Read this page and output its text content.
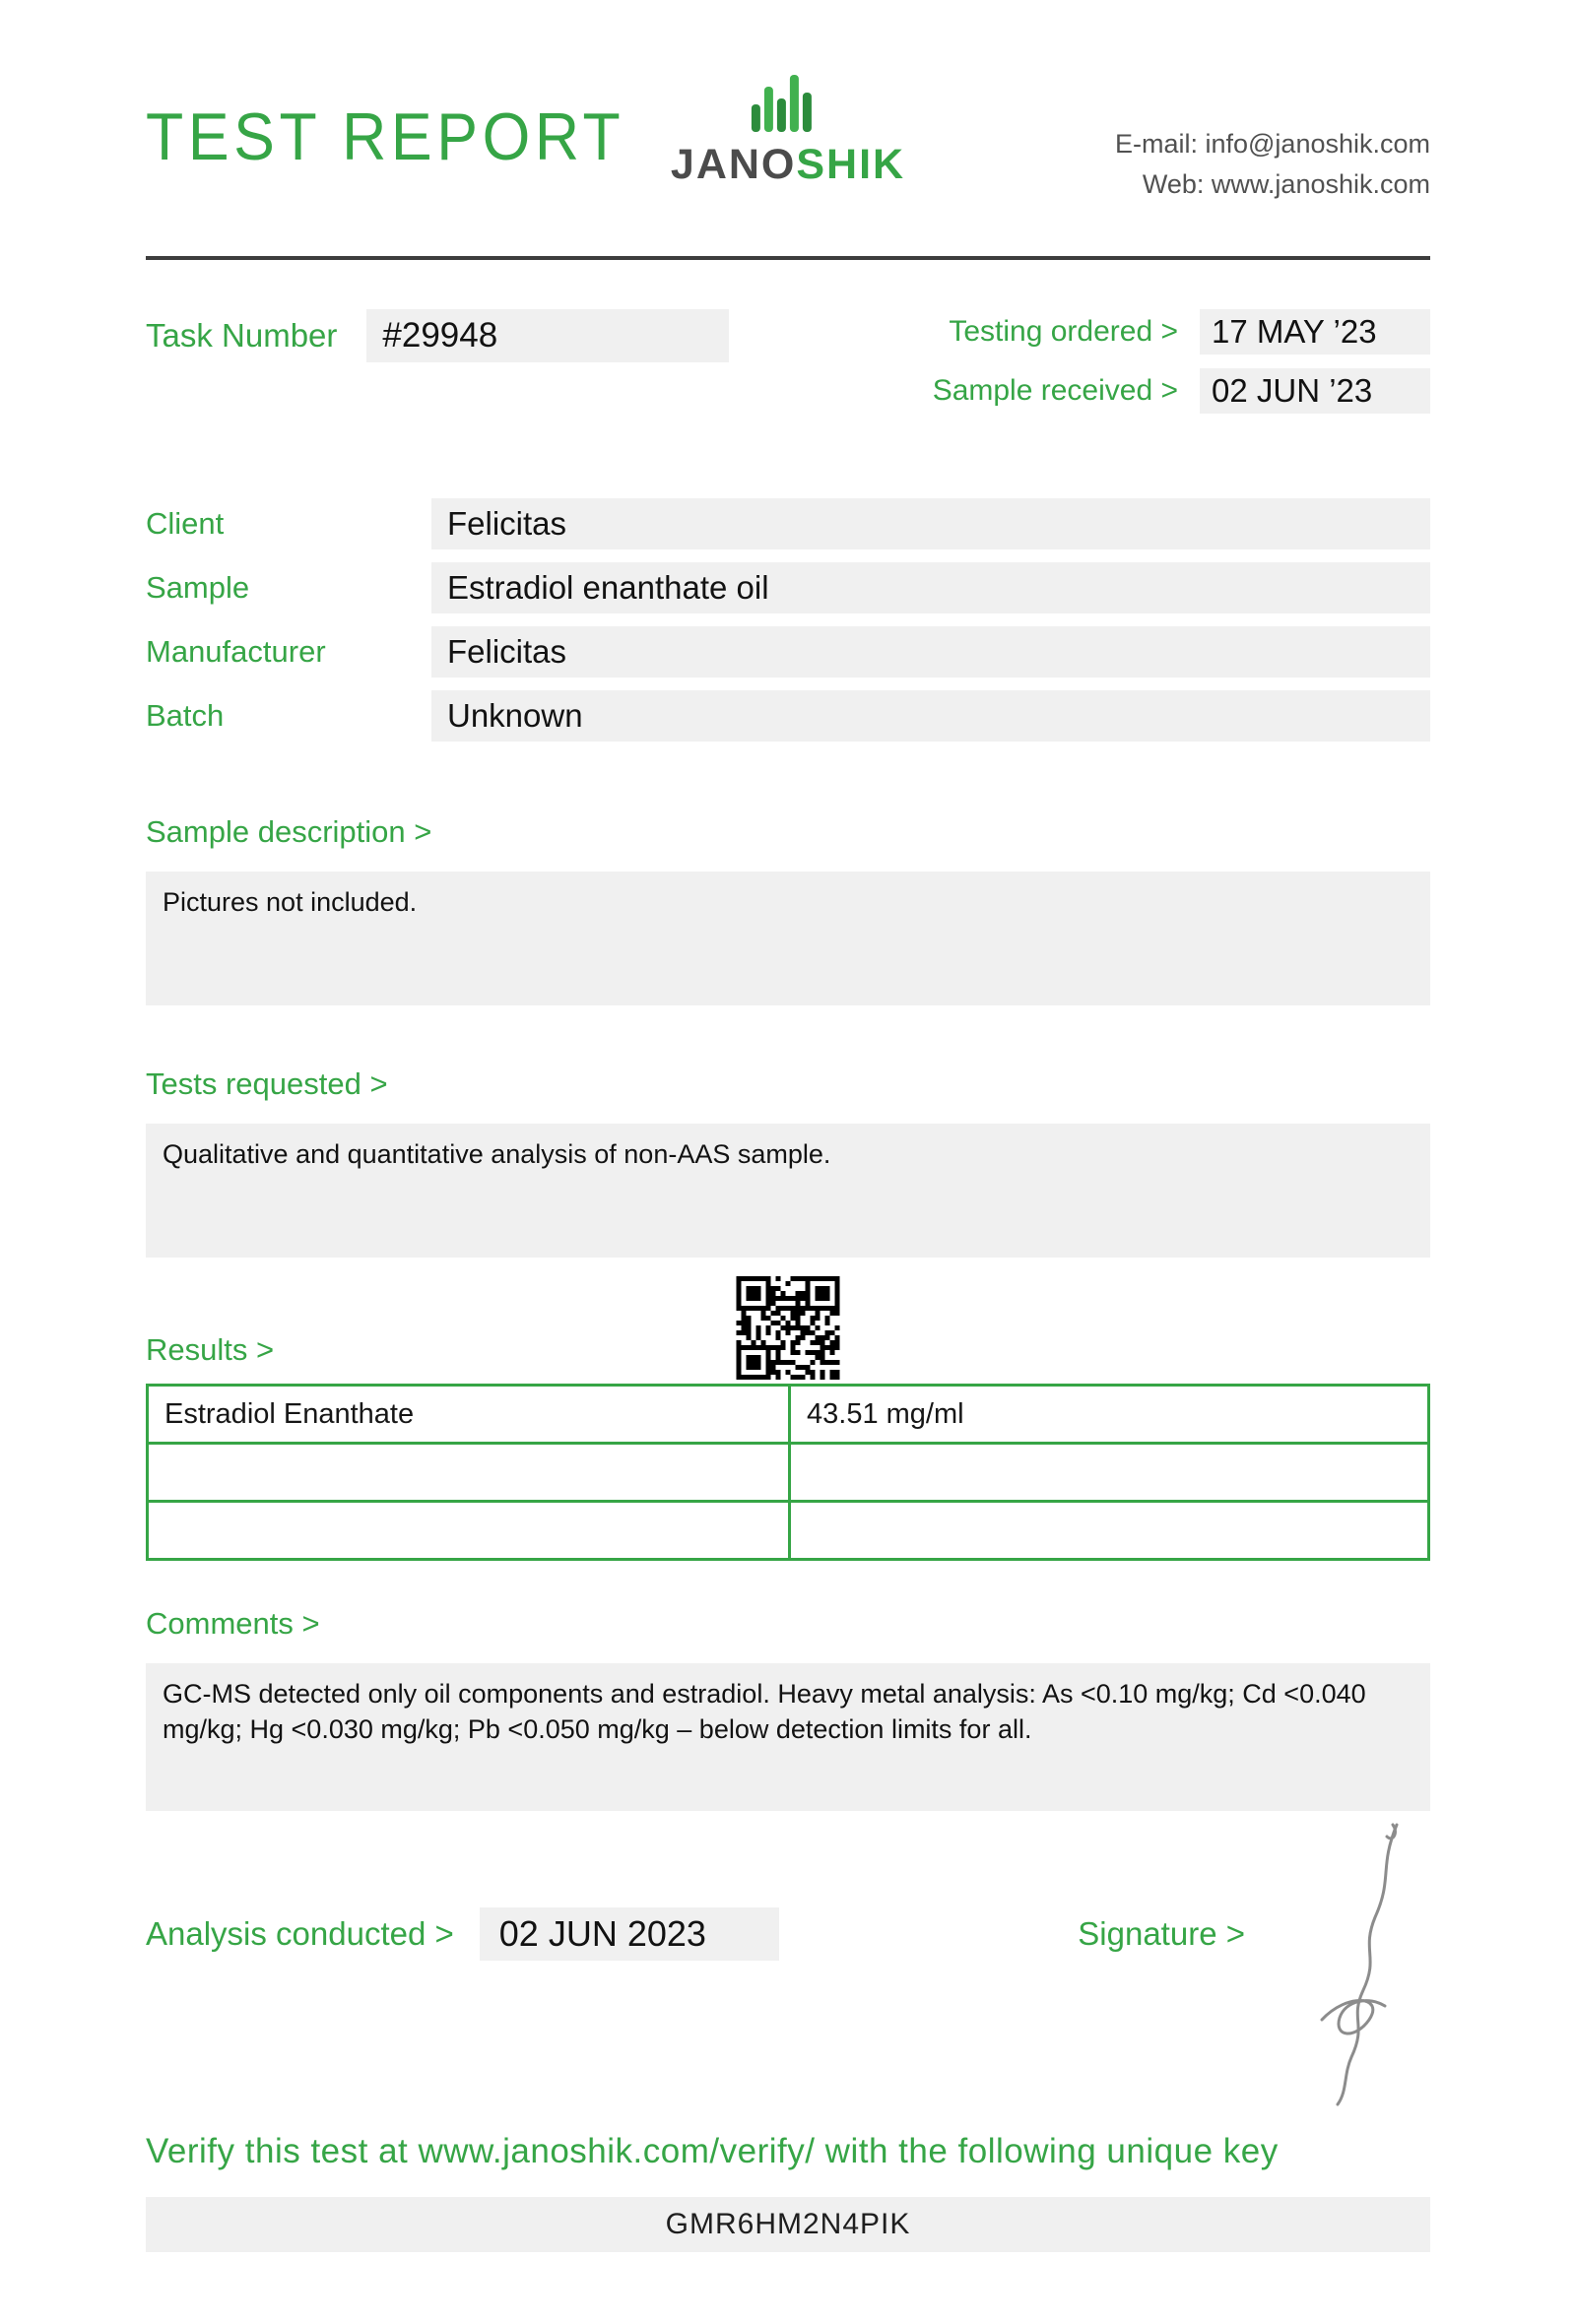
TEST REPORT JANOSHIK	E-mail: info@janoshik.com
Web: www.janoshik.com
Task Number	#29948	Testing ordered >	17 MAY ’23
Sample received >	02 JUN ’23
Client	Felicitas
Sample	Estradiol enanthate oil
Manufacturer	Felicitas
Batch	Unknown
Sample description >
Pictures not included.
Tests requested >
Qualitative and quantitative analysis of non-AAS sample.
Results >
Estradiol Enanthate	43.51 mg/ml
Comments >
GC-MS detected only oil components and estradiol. Heavy metal analysis: As <0.10 mg/kg; Cd <0.040 mg/kg; Hg <0.030 mg/kg; Pb <0.050 mg/kg – below detection limits for all.
Analysis conducted >	02 JUN 2023	Signature >
Verify this test at www.janoshik.com/verify/ with the following unique key
GMR6HM2N4PIK
